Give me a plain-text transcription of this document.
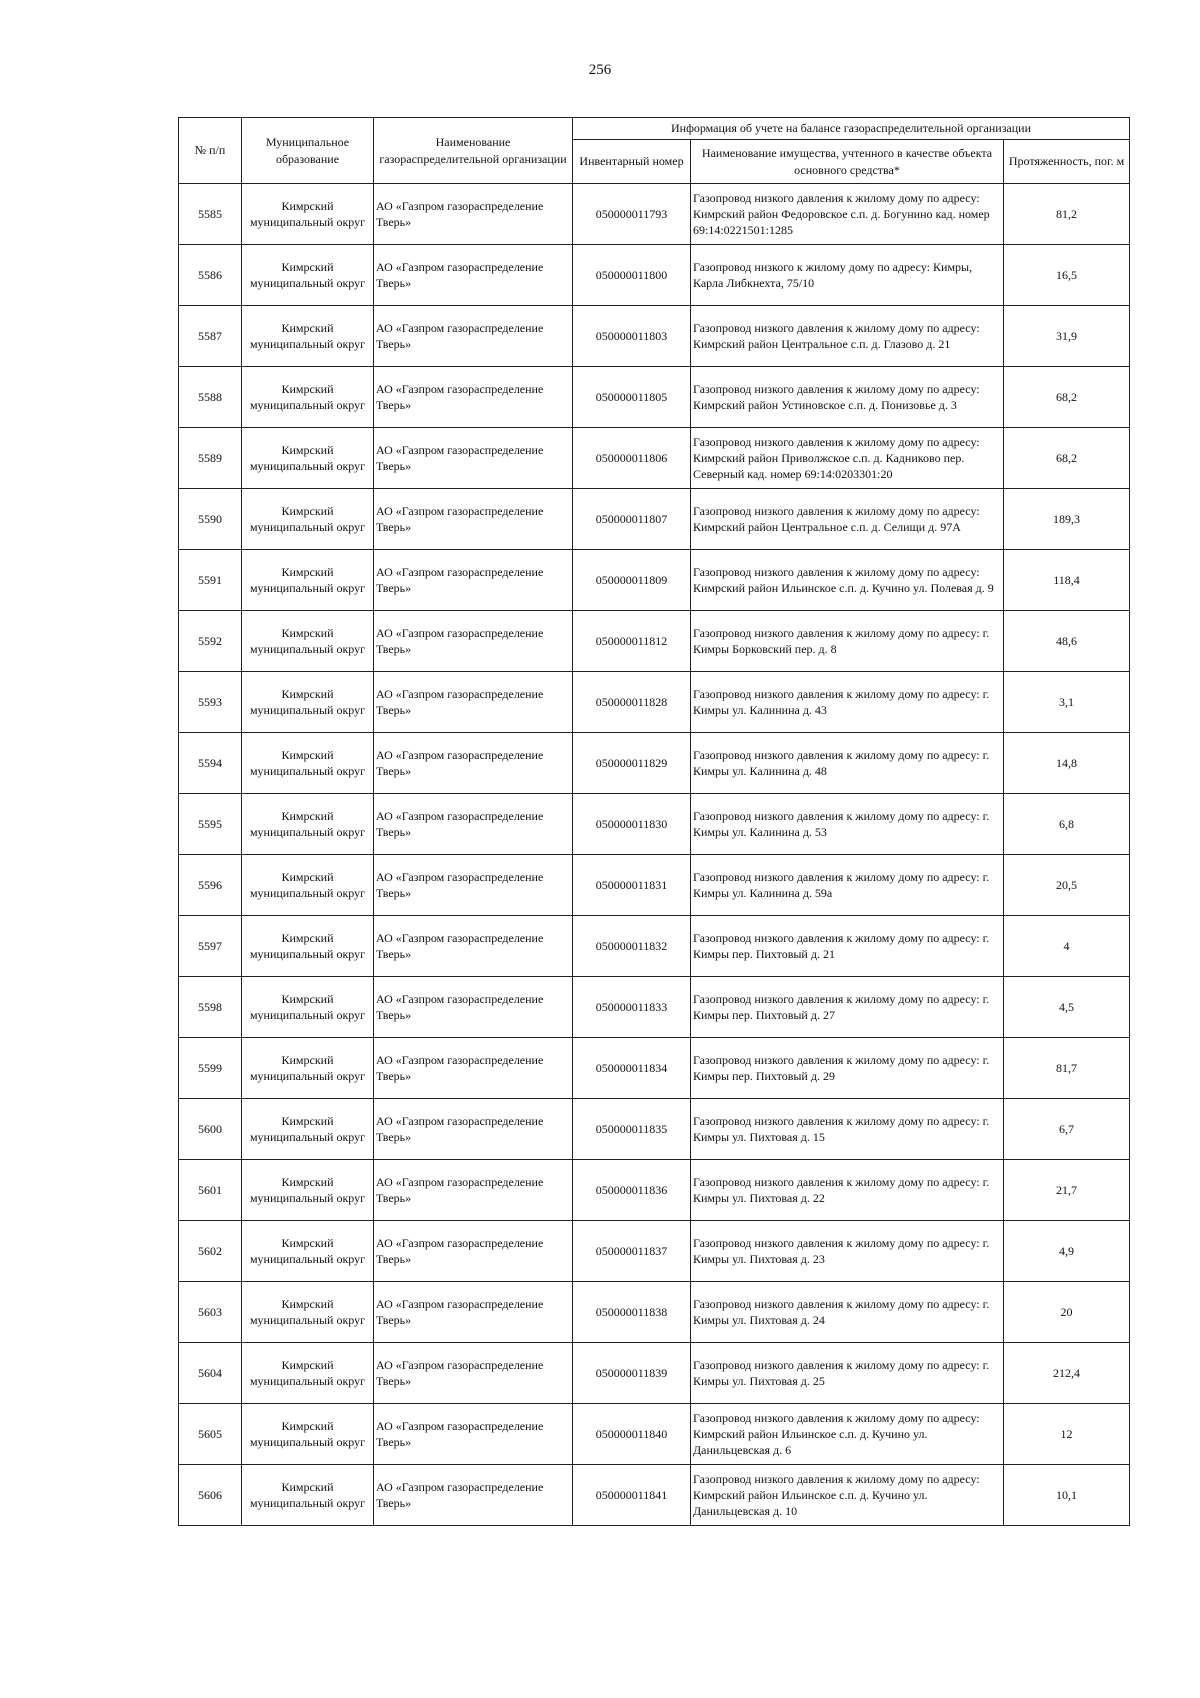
256
№ п/п	Муниципальное образование	Наименование газораспределительной организации	Информация об учете на балансе газораспределительной организации		
			Инвентарный номер	Наименование имущества, учтенного в качестве объекта основного средства*	Протяженность, пог. м
5585	Кимрский муниципальный округ	АО «Газпром газораспределение Тверь»	050000011793	Газопровод низкого давления к жилому дому по адресу: Кимрский район Федоровское с.п. д. Богунино кад. номер 69:14:0221501:1285	81,2
5586	Кимрский муниципальный округ	АО «Газпром газораспределение Тверь»	050000011800	Газопровод низкого к жилому дому по адресу: Кимры, Карла Либкнехта, 75/10	16,5
5587	Кимрский муниципальный округ	АО «Газпром газораспределение Тверь»	050000011803	Газопровод низкого давления к жилому дому по адресу: Кимрский район Центральное с.п. д. Глазово д. 21	31,9
5588	Кимрский муниципальный округ	АО «Газпром газораспределение Тверь»	050000011805	Газопровод низкого давления к жилому дому по адресу: Кимрский район Устиновское с.п. д. Понизовье д. 3	68,2
5589	Кимрский муниципальный округ	АО «Газпром газораспределение Тверь»	050000011806	Газопровод низкого давления к жилому дому по адресу: Кимрский район Приволжское с.п. д. Кадниково пер. Северный кад. номер 69:14:0203301:20	68,2
5590	Кимрский муниципальный округ	АО «Газпром газораспределение Тверь»	050000011807	Газопровод низкого давления к жилому дому по адресу: Кимрский район Центральное с.п. д. Селищи д. 97А	189,3
5591	Кимрский муниципальный округ	АО «Газпром газораспределение Тверь»	050000011809	Газопровод низкого давления к жилому дому по адресу: Кимрский район Ильинское с.п. д. Кучино ул. Полевая д. 9	118,4
5592	Кимрский муниципальный округ	АО «Газпром газораспределение Тверь»	050000011812	Газопровод низкого давления к жилому дому по адресу: г. Кимры Борковский пер. д. 8	48,6
5593	Кимрский муниципальный округ	АО «Газпром газораспределение Тверь»	050000011828	Газопровод низкого давления к жилому дому по адресу: г. Кимры ул. Калинина д. 43	3,1
5594	Кимрский муниципальный округ	АО «Газпром газораспределение Тверь»	050000011829	Газопровод низкого давления к жилому дому по адресу: г. Кимры ул. Калинина д. 48	14,8
5595	Кимрский муниципальный округ	АО «Газпром газораспределение Тверь»	050000011830	Газопровод низкого давления к жилому дому по адресу: г. Кимры ул. Калинина д. 53	6,8
5596	Кимрский муниципальный округ	АО «Газпром газораспределение Тверь»	050000011831	Газопровод низкого давления к жилому дому по адресу: г. Кимры ул. Калинина д. 59а	20,5
5597	Кимрский муниципальный округ	АО «Газпром газораспределение Тверь»	050000011832	Газопровод низкого давления к жилому дому по адресу: г. Кимры пер. Пихтовый д. 21	4
5598	Кимрский муниципальный округ	АО «Газпром газораспределение Тверь»	050000011833	Газопровод низкого давления к жилому дому по адресу: г. Кимры пер. Пихтовый д. 27	4,5
5599	Кимрский муниципальный округ	АО «Газпром газораспределение Тверь»	050000011834	Газопровод низкого давления к жилому дому по адресу: г. Кимры пер. Пихтовый д. 29	81,7
5600	Кимрский муниципальный округ	АО «Газпром газораспределение Тверь»	050000011835	Газопровод низкого давления к жилому дому по адресу: г. Кимры ул. Пихтовая д. 15	6,7
5601	Кимрский муниципальный округ	АО «Газпром газораспределение Тверь»	050000011836	Газопровод низкого давления к жилому дому по адресу: г. Кимры ул. Пихтовая д. 22	21,7
5602	Кимрский муниципальный округ	АО «Газпром газораспределение Тверь»	050000011837	Газопровод низкого давления к жилому дому по адресу: г. Кимры ул. Пихтовая д. 23	4,9
5603	Кимрский муниципальный округ	АО «Газпром газораспределение Тверь»	050000011838	Газопровод низкого давления к жилому дому по адресу: г. Кимры ул. Пихтовая д. 24	20
5604	Кимрский муниципальный округ	АО «Газпром газораспределение Тверь»	050000011839	Газопровод низкого давления к жилому дому по адресу: г. Кимры ул. Пихтовая д. 25	212,4
5605	Кимрский муниципальный округ	АО «Газпром газораспределение Тверь»	050000011840	Газопровод низкого давления к жилому дому по адресу: Кимрский район Ильинское с.п. д. Кучино ул. Данильцевская д. 6	12
5606	Кимрский муниципальный округ	АО «Газпром газораспределение Тверь»	050000011841	Газопровод низкого давления к жилому дому по адресу: Кимрский район Ильинское с.п. д. Кучино ул. Данильцевская д. 10	10,1
